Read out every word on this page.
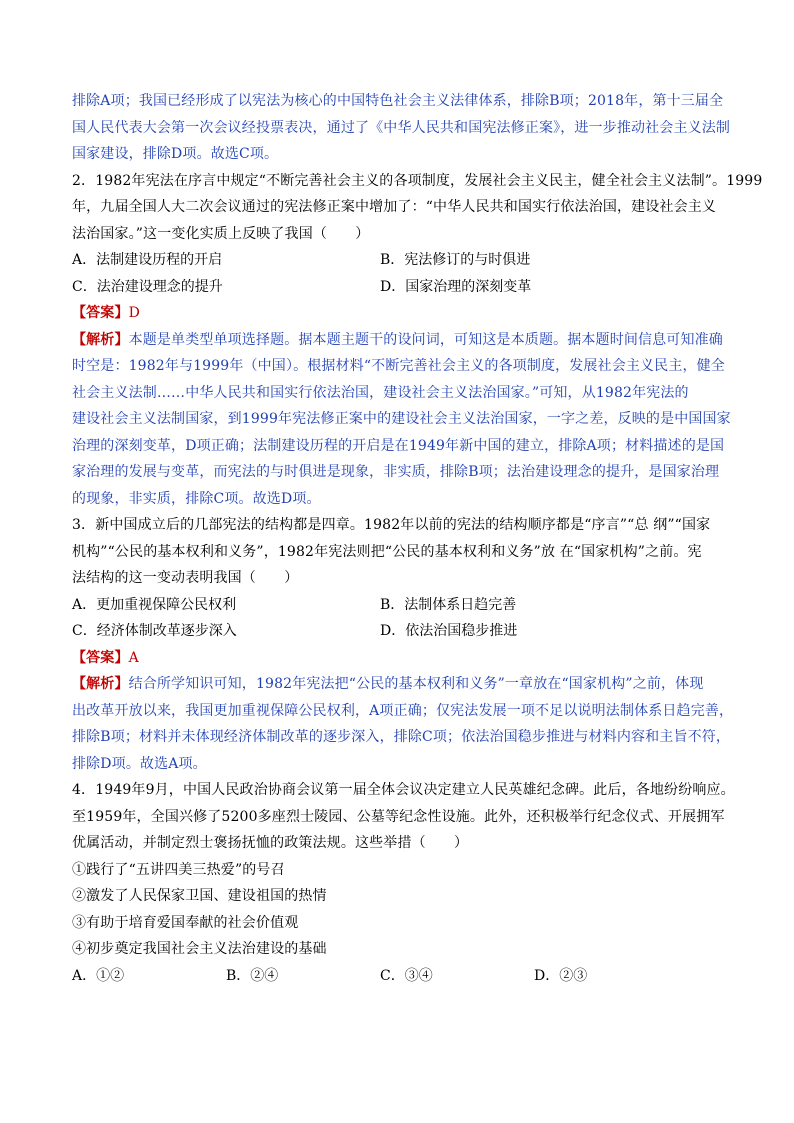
排除A项；我国已经形成了以宪法为核心的中国特色社会主义法律体系，排除B项；2018年，第十三届全
国人民代表大会第一次会议经投票表决，通过了《中华人民共和国宪法修正案》，进一步推动社会主义法制
国家建设，排除D项。故选C项。
2．1982年宪法在序言中规定“不断完善社会主义的各项制度，发展社会主义民主，健全社会主义法制”。1999
年，九届全国人大二次会议通过的宪法修正案中增加了：“中华人民共和国实行依法治国，建设社会主义
法治国家。”这一变化实质上反映了我国（　　）
A．法制建设历程的开启	B．宪法修订的与时俱进
C．法治建设理念的提升	D．国家治理的深刻变革
【答案】D
【解析】本题是单类型单项选择题。据本题主题干的设问词，可知这是本质题。据本题时间信息可知准确
时空是：1982年与1999年（中国）。根据材料“不断完善社会主义的各项制度，发展社会主义民主，健全
社会主义法制……中华人民共和国实行依法治国，建设社会主义法治国家。”可知，从1982年宪法的
建设社会主义法制国家，到1999年宪法修正案中的建设社会主义法治国家，一字之差，反映的是中国国家
治理的深刻变革，D项正确；法制建设历程的开启是在1949年新中国的建立，排除A项；材料描述的是国
家治理的发展与变革，而宪法的与时俱进是现象，非实质，排除B项；法治建设理念的提升，是国家治理
的现象，非实质，排除C项。故选D项。
3．新中国成立后的几部宪法的结构都是四章。1982年以前的宪法的结构顺序都是“序言”“总 纲”“国家
机构”“公民的基本权利和义务”，1982年宪法则把“公民的基本权利和义务”放 在“国家机构”之前。宪
法结构的这一变动表明我国（　　）
A．更加重视保障公民权利	B．法制体系日趋完善
C．经济体制改革逐步深入	D．依法治国稳步推进
【答案】A
【解析】结合所学知识可知，1982年宪法把“公民的基本权利和义务”一章放在“国家机构”之前，体现
出改革开放以来，我国更加重视保障公民权利，A项正确；仅宪法发展一项不足以说明法制体系日趋完善，
排除B项；材料并未体现经济体制改革的逐步深入，排除C项；依法治国稳步推进与材料内容和主旨不符，
排除D项。故选A项。
4．1949年9月，中国人民政治协商会议第一届全体会议决定建立人民英雄纪念碑。此后，各地纷纷响应。
至1959年，全国兴修了5200多座烈士陵园、公墓等纪念性设施。此外，还积极举行纪念仪式、开展拥军
优属活动，并制定烈士褒扬抚恤的政策法规。这些举措（　　）
①践行了“五讲四美三热爱”的号召
②激发了人民保家卫国、建设祖国的热情
③有助于培育爱国奉献的社会价值观
④初步奠定我国社会主义法治建设的基础
A．①②	B．②④	C．③④	D．②③
